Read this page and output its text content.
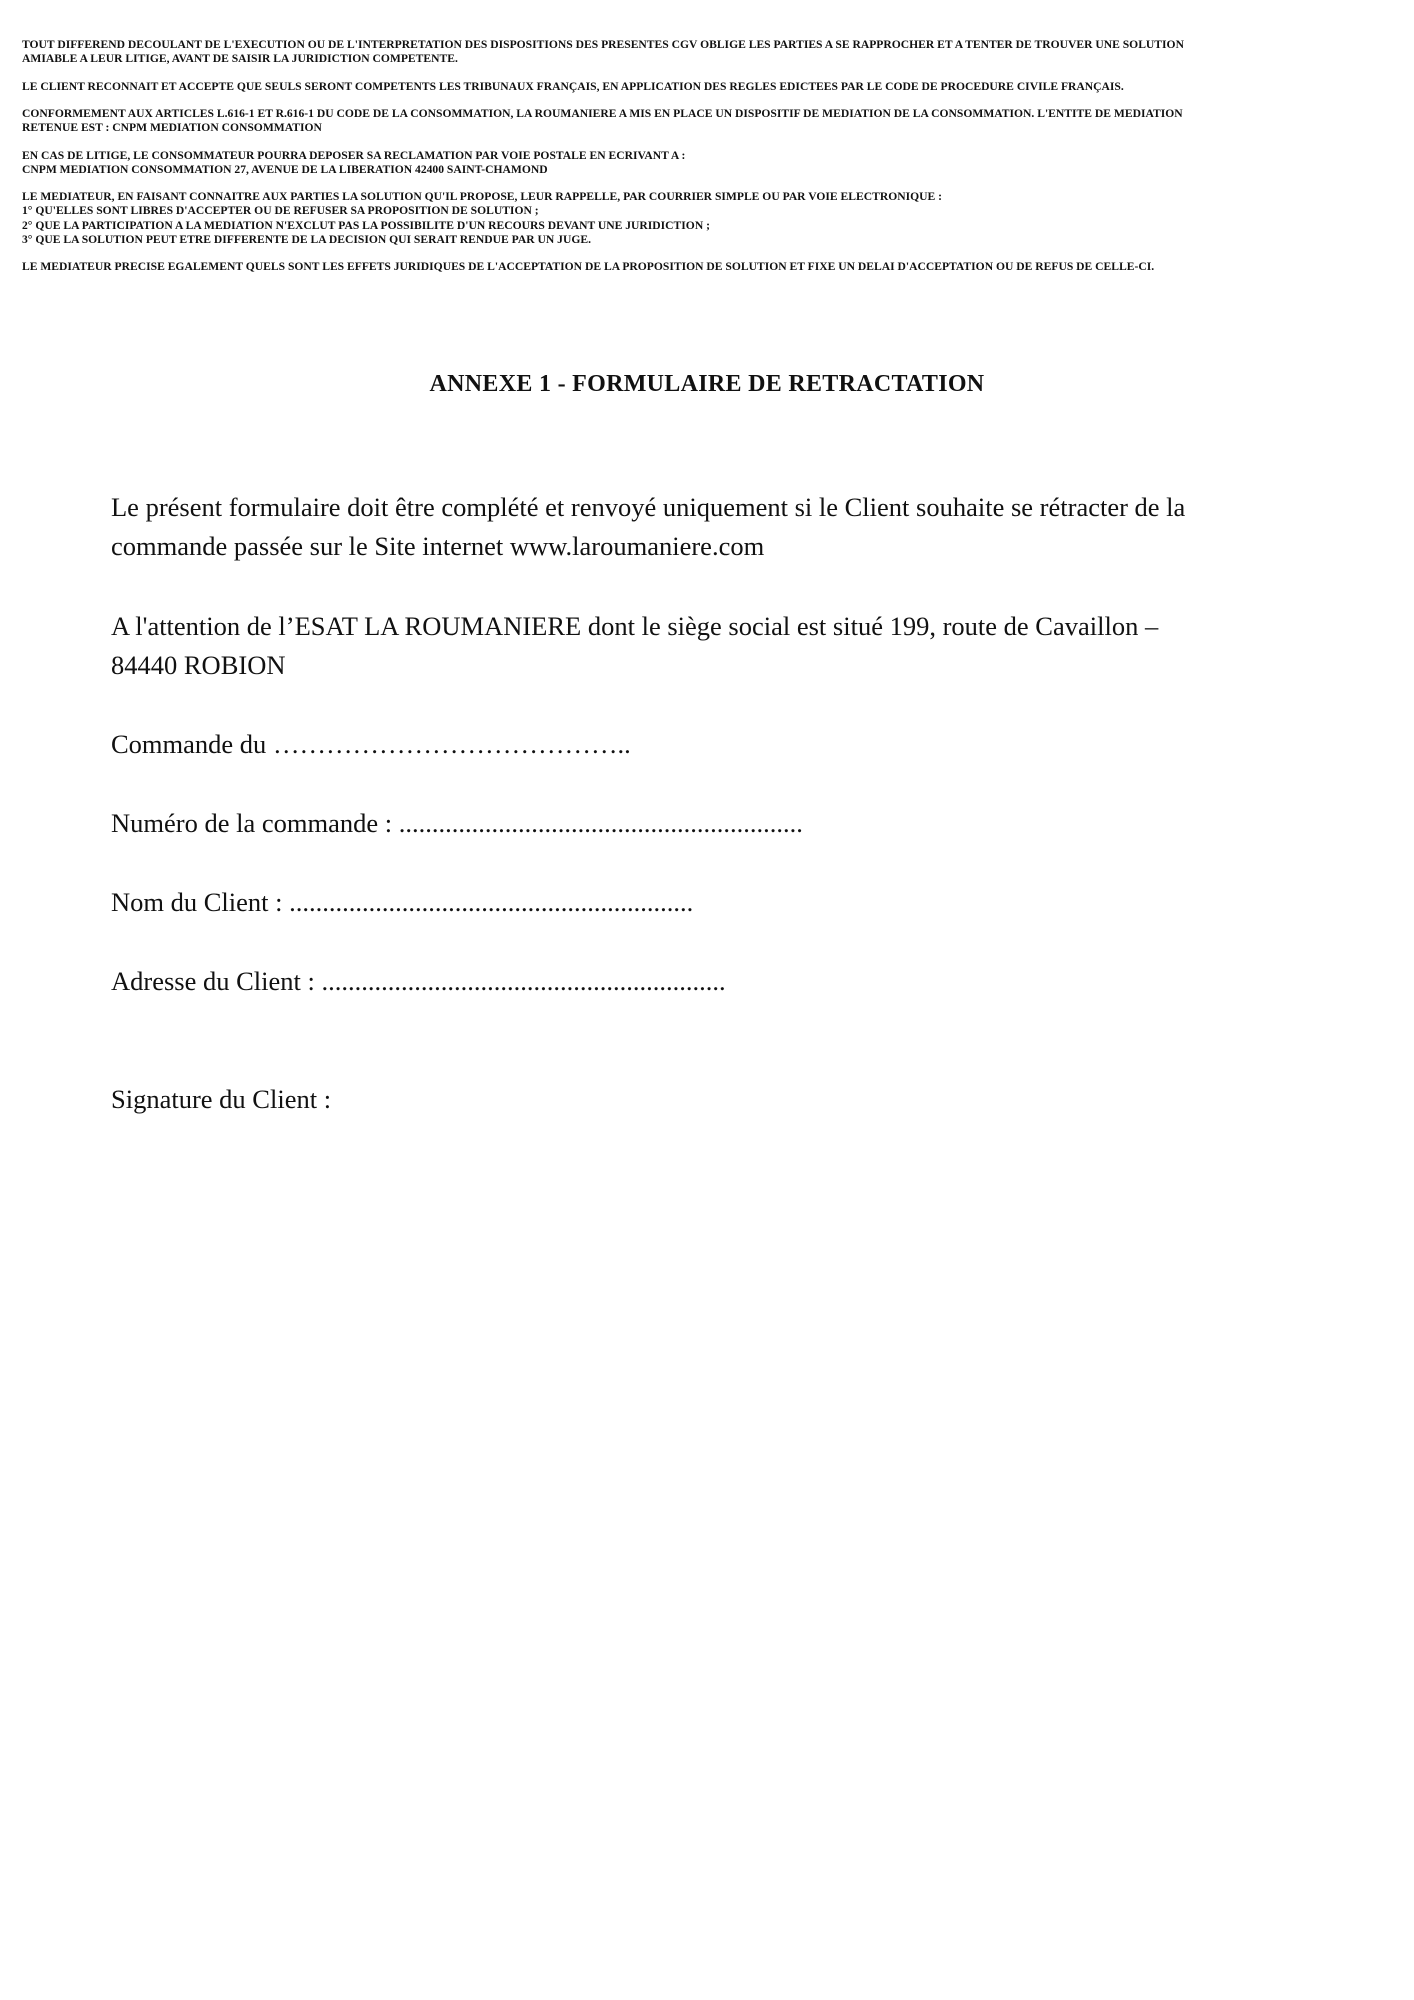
TOUT DIFFEREND DECOULANT DE L'EXECUTION OU DE L'INTERPRETATION DES DISPOSITIONS DES PRESENTES CGV OBLIGE LES PARTIES A SE RAPPROCHER ET A TENTER DE TROUVER UNE SOLUTION
AMIABLE A LEUR LITIGE, AVANT DE SAISIR LA JURIDICTION COMPETENTE.

LE CLIENT RECONNAIT ET ACCEPTE QUE SEULS SERONT COMPETENTS LES TRIBUNAUX FRANÇAIS, EN APPLICATION DES REGLES EDICTEES PAR LE CODE DE PROCEDURE CIVILE FRANÇAIS.

CONFORMEMENT AUX ARTICLES L.616-1 ET R.616-1 DU CODE DE LA CONSOMMATION, LA ROUMANIERE A MIS EN PLACE UN DISPOSITIF DE MEDIATION DE LA CONSOMMATION. L'ENTITE DE MEDIATION
RETENUE EST : CNPM MEDIATION CONSOMMATION

EN CAS DE LITIGE, LE CONSOMMATEUR POURRA DEPOSER SA RECLAMATION PAR VOIE POSTALE EN ECRIVANT A :
CNPM MEDIATION CONSOMMATION 27, AVENUE DE LA LIBERATION 42400 SAINT-CHAMOND

LE MEDIATEUR, EN FAISANT CONNAITRE AUX PARTIES LA SOLUTION QU'IL PROPOSE, LEUR RAPPELLE, PAR COURRIER SIMPLE OU PAR VOIE ELECTRONIQUE :
1° QU'ELLES SONT LIBRES D'ACCEPTER OU DE REFUSER SA PROPOSITION DE SOLUTION ;
2° QUE LA PARTICIPATION A LA MEDIATION N'EXCLUT PAS LA POSSIBILITE D'UN RECOURS DEVANT UNE JURIDICTION ;
3° QUE LA SOLUTION PEUT ETRE DIFFERENTE DE LA DECISION QUI SERAIT RENDUE PAR UN JUGE.

LE MEDIATEUR PRECISE EGALEMENT QUELS SONT LES EFFETS JURIDIQUES DE L'ACCEPTATION DE LA PROPOSITION DE SOLUTION ET FIXE UN DELAI D'ACCEPTATION OU DE REFUS DE CELLE-CI.

ANNEXE 1 - FORMULAIRE DE RETRACTATION
Le présent formulaire doit être complété et renvoyé uniquement si le Client souhaite se rétracter de la
commande passée sur le Site internet www.laroumaniere.com
A l'attention de l’ESAT LA ROUMANIERE dont le siège social est situé 199, route de Cavaillon –
84440 ROBION
Commande du …………………………………..
Numéro de la commande : .............................................................
Nom du Client : .............................................................
Adresse du Client : .............................................................
Signature du Client :
